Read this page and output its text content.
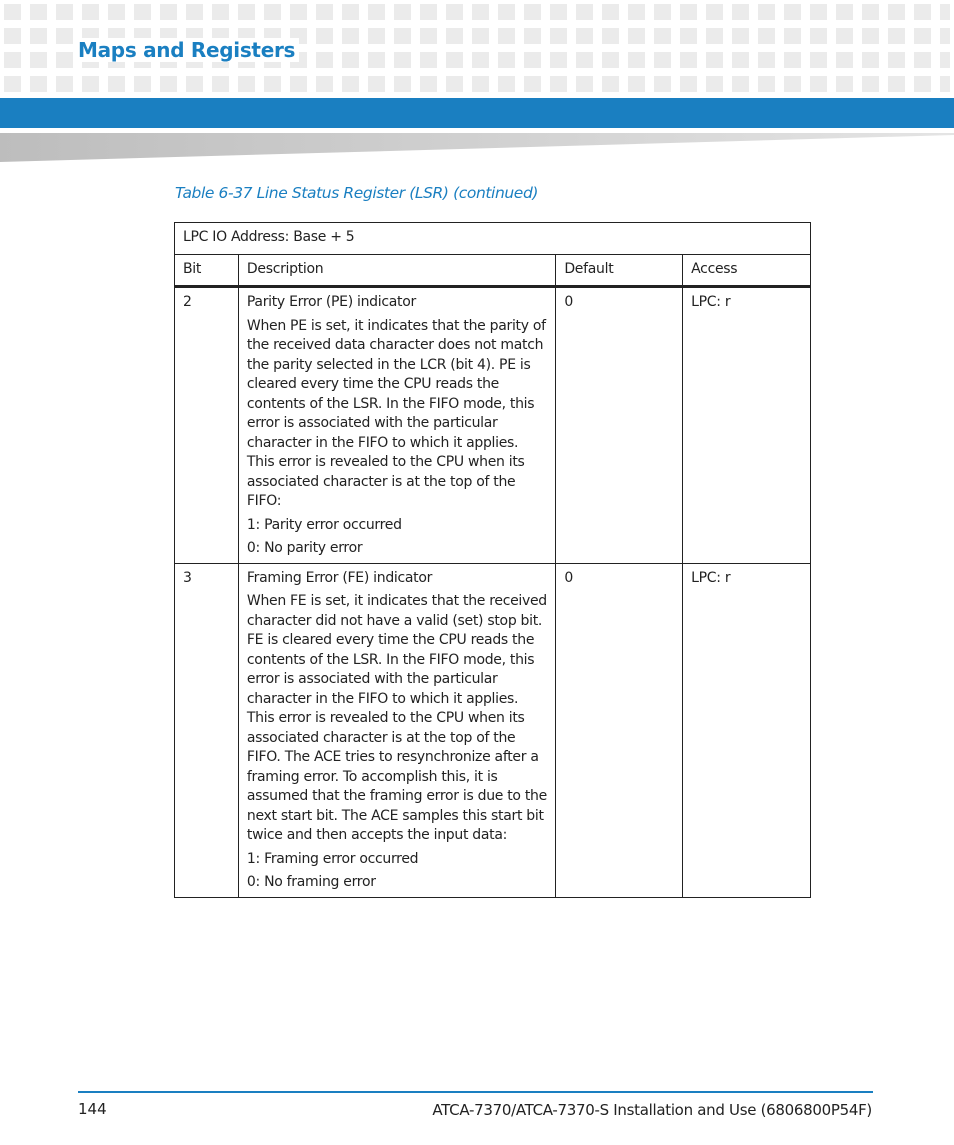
Maps and Registers
Table 6-37 Line Status Register (LSR) (continued)
LPC IO Address: Base + 5			
Bit	Description	Default	Access
2	Parity Error (PE) indicator
When PE is set, it indicates that the parity of the received data character does not match the parity selected in the LCR (bit 4). PE is cleared every time the CPU reads the contents of the LSR. In the FIFO mode, this error is associated with the particular character in the FIFO to which it applies. This error is revealed to the CPU when its associated character is at the top of the FIFO:
1: Parity error occurred
0: No parity error	0	LPC: r
3	Framing Error (FE) indicator
When FE is set, it indicates that the received character did not have a valid (set) stop bit. FE is cleared every time the CPU reads the contents of the LSR. In the FIFO mode, this error is associated with the particular character in the FIFO to which it applies. This error is revealed to the CPU when its associated character is at the top of the FIFO. The ACE tries to resynchronize after a framing error. To accomplish this, it is assumed that the framing error is due to the next start bit. The ACE samples this start bit twice and then accepts the input data:
1: Framing error occurred
0: No framing error	0	LPC: r
144	ATCA-7370/ATCA-7370-S Installation and Use (6806800P54F)
